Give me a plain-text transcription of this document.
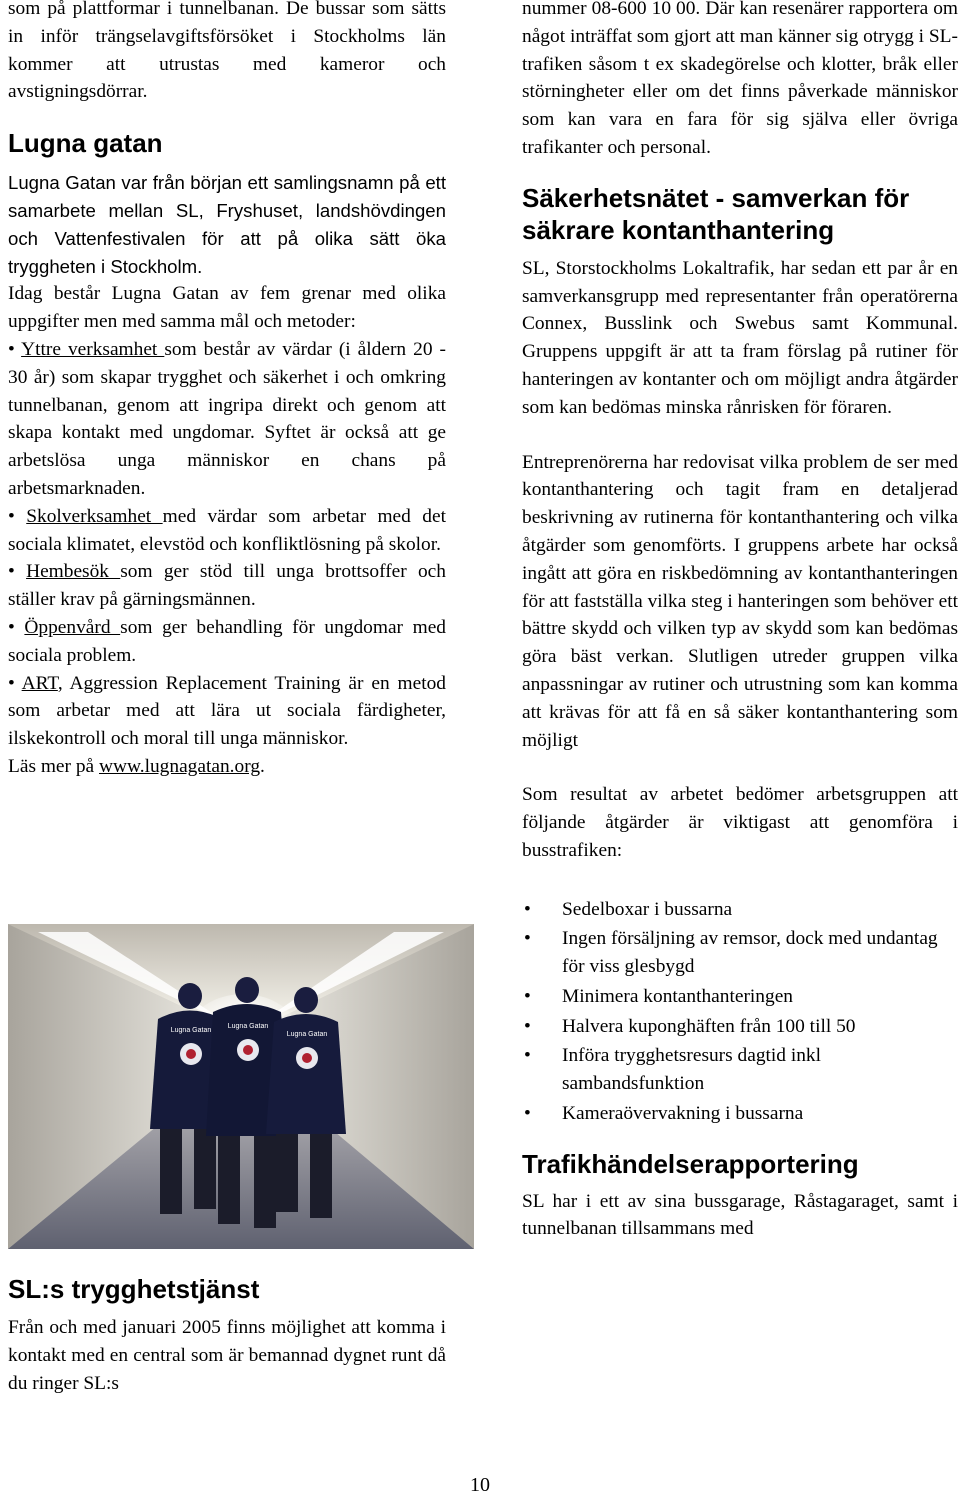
som på plattformar i tunnelbanan. De bussar som sätts in inför trängselavgiftsförsöket i Stockholms län kommer att utrustas med kameror och avstigningsdörrar.

Lugna gatan

Lugna Gatan var från början ett samlingsnamn på ett samarbete mellan SL, Fryshuset, landshövdingen och Vattenfestivalen för att på olika sätt öka tryggheten i Stockholm.

Idag består Lugna Gatan av fem grenar med olika uppgifter men med samma mål och metoder:

• Yttre verksamhet som består av värdar (i åldern 20 - 30 år) som skapar trygghet och säkerhet i och omkring tunnelbanan, genom att ingripa direkt och genom att skapa kontakt med ungdomar. Syftet är också att ge arbetslösa unga människor en chans på arbetsmarknaden.

• Skolverksamhet med värdar som arbetar med det sociala klimatet, elevstöd och konfliktlösning på skolor.

• Hembesök som ger stöd till unga brottsoffer och ställer krav på gärningsmännen.

• Öppenvård som ger behandling för ungdomar med sociala problem.

• ART, Aggression Replacement Training är en metod som arbetar med att lära ut sociala färdigheter, ilskekontroll och moral till unga människor.

Läs mer på www.lugnagatan.org.

Lugna Gatan
Lugna Gatan
Lugna Gatan
SL:s trygghetstjänst

Från och med januari 2005 finns möjlighet att komma i kontakt med en central som är bemannad dygnet runt då du ringer SL:s

nummer 08-600 10 00. Där kan resenärer rapportera om något inträffat som gjort att man känner sig otrygg i SL-trafiken såsom t ex skadegörelse och klotter, bråk eller störningheter eller om det finns påverkade människor som kan vara en fara för sig själva eller övriga trafikanter och personal.

Säkerhetsnätet - samverkan för säkrare kontanthantering

SL, Storstockholms Lokaltrafik, har sedan ett par år en samverkansgrupp med representanter från operatörerna Connex, Busslink och Swebus samt Kommunal. Gruppens uppgift är att ta fram förslag på rutiner för hanteringen av kontanter och om möjligt andra åtgärder som kan bedömas minska rånrisken för föraren.

Entreprenörerna har redovisat vilka problem de ser med kontanthantering och tagit fram en detaljerad beskrivning av rutinerna för kontanthantering och vilka åtgärder som genomförts. I gruppens arbete har också ingått att göra en riskbedömning av kontanthanteringen för att fastställa vilka steg i hanteringen som behöver ett bättre skydd och vilken typ av skydd som kan bedömas göra bäst verkan. Slutligen utreder gruppen vilka anpassningar av rutiner och utrustning som kan komma att krävas för att få en så säker kontanthantering som möjligt

Som resultat av arbetet bedömer arbetsgruppen att följande åtgärder är viktigast att genomföra i busstrafiken:

• Sedelboxar i bussarna
• Ingen försäljning av remsor, dock med undantag för viss glesbygd
• Minimera kontanthanteringen
• Halvera kuponghäften från 100 till 50
• Införa trygghetsresurs dagtid inkl sambandsfunktion
• Kameraövervakning i bussarna
Trafikhändelserapportering

SL har i ett av sina bussgarage, Råstagaraget, samt i tunnelbanan tillsammans med

10
